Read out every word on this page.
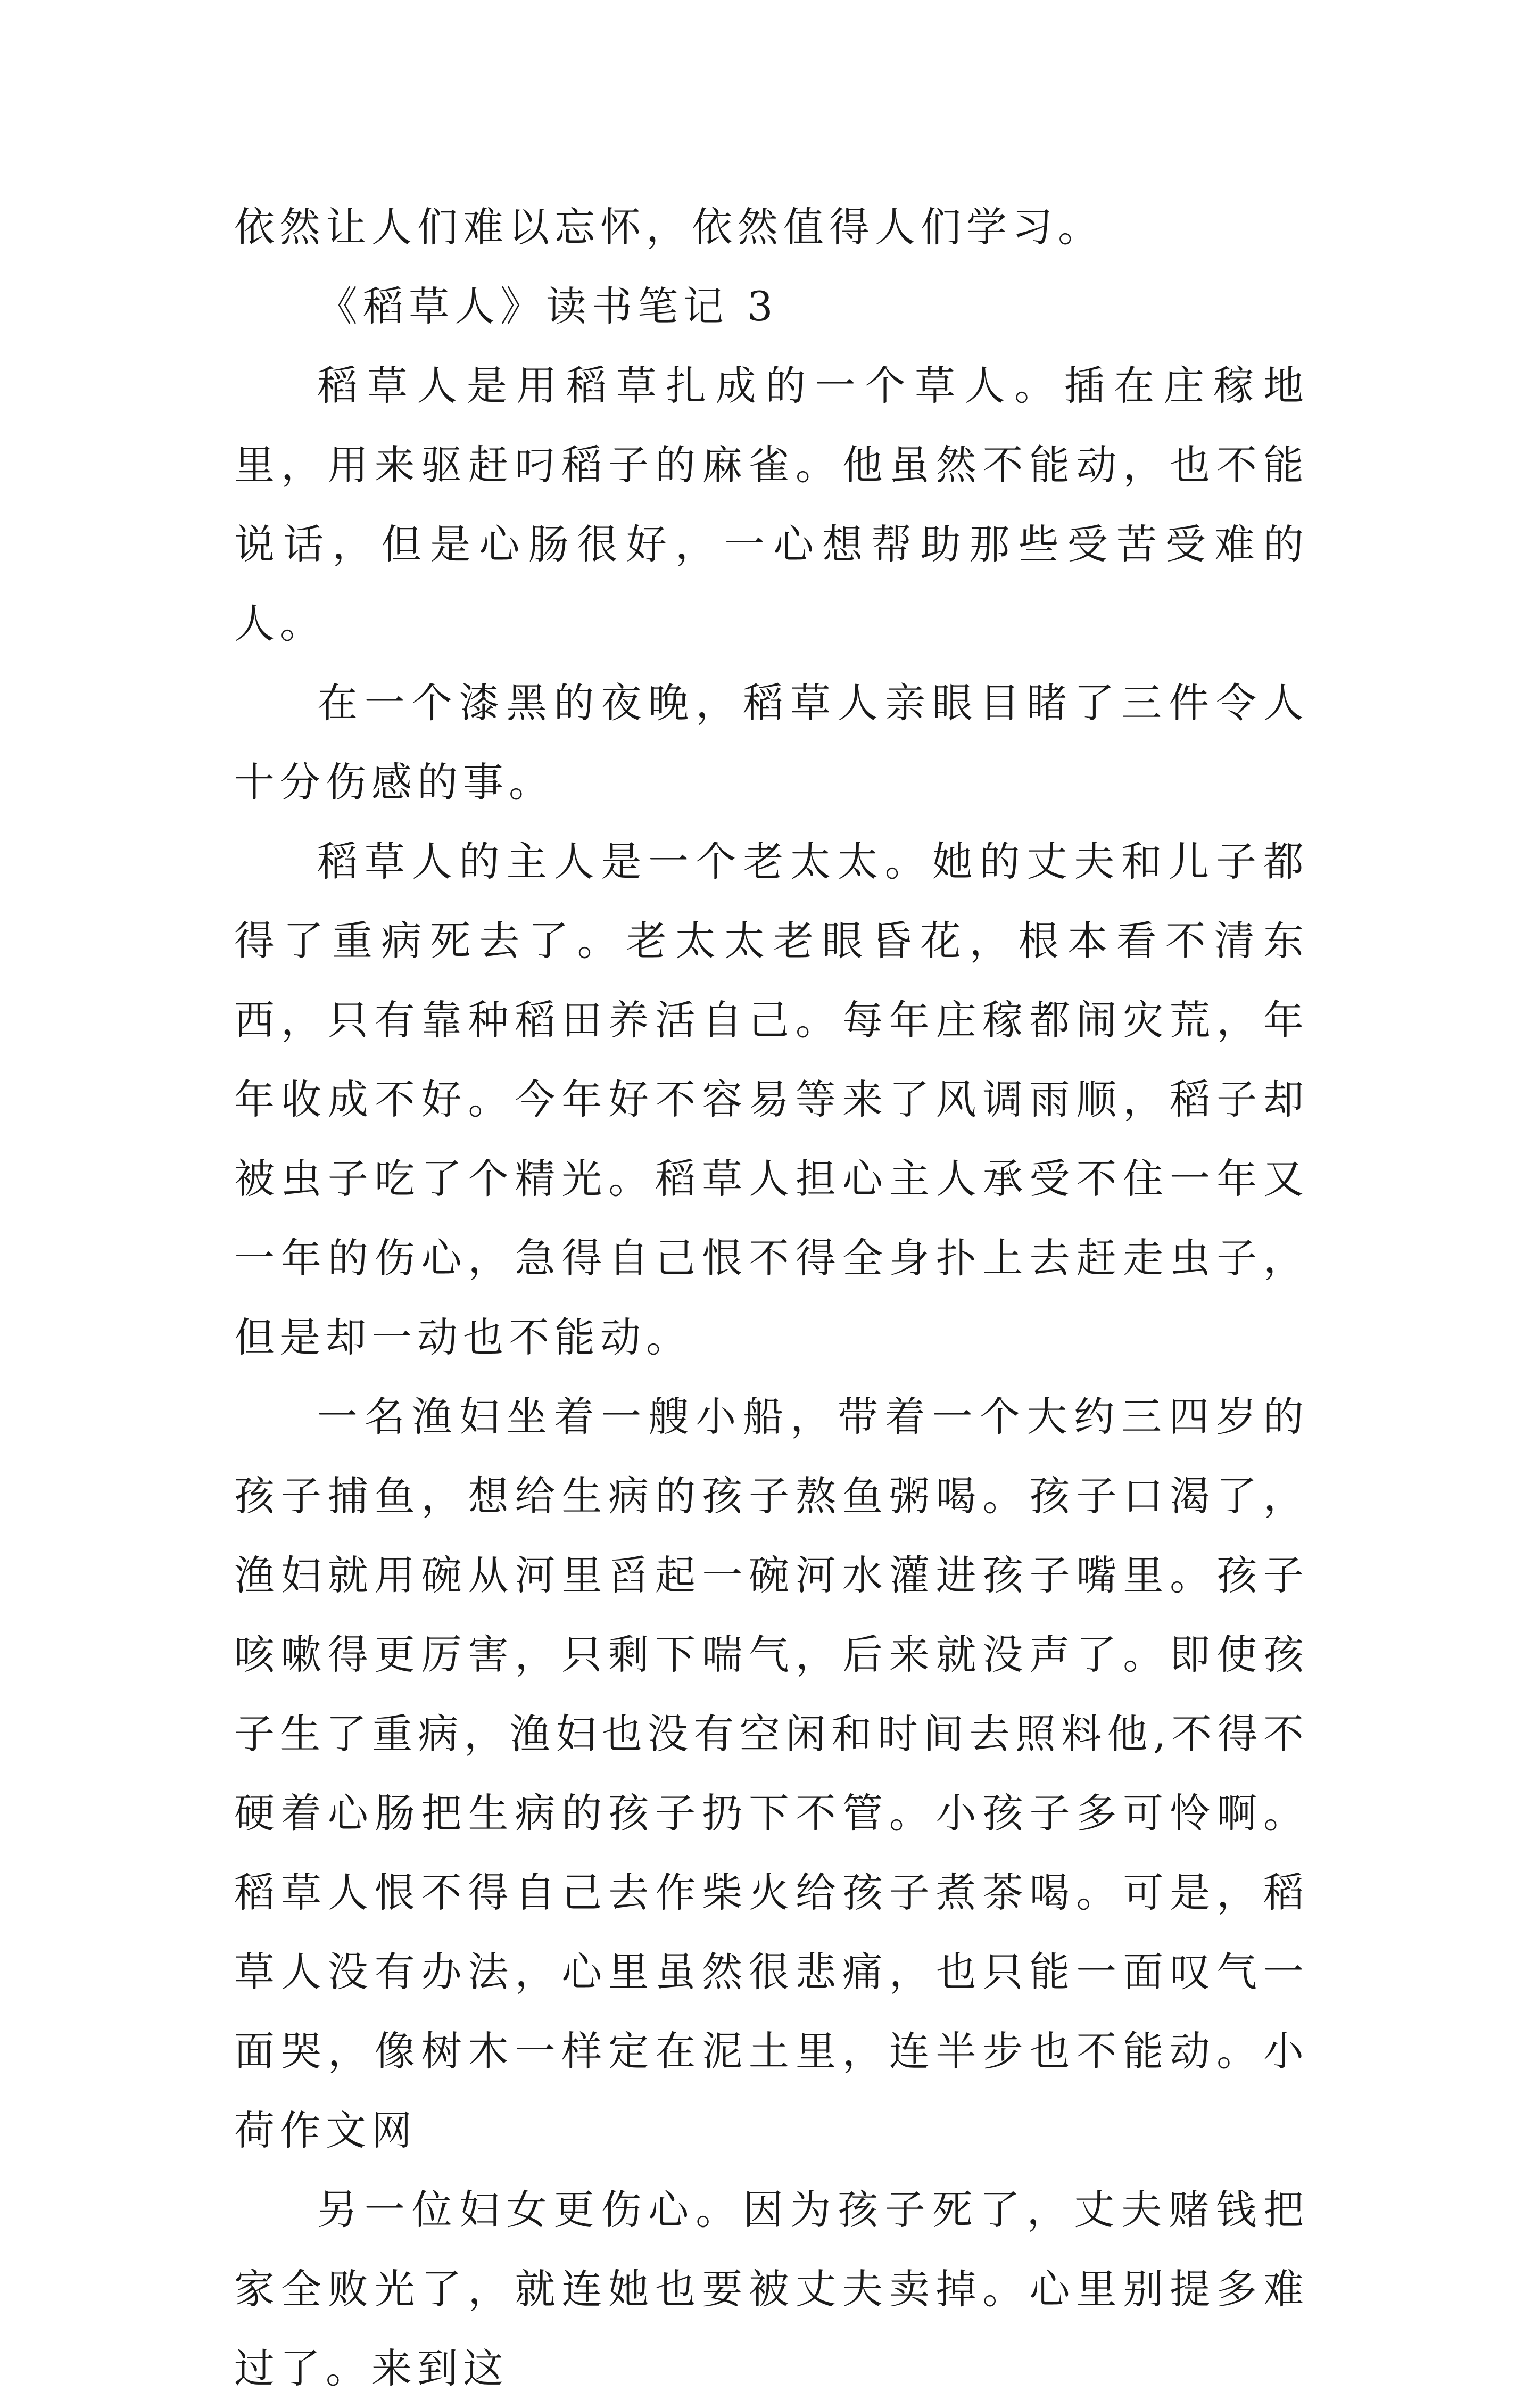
依然让人们难以忘怀，依然值得人们学习。

《稻草人》读书笔记 3

稻草人是用稻草扎成的一个草人。插在庄稼地里，用来驱赶叼稻子的麻雀。他虽然不能动，也不能说话，但是心肠很好，一心想帮助那些受苦受难的人。

在一个漆黑的夜晚，稻草人亲眼目睹了三件令人十分伤感的事。

稻草人的主人是一个老太太。她的丈夫和儿子都得了重病死去了。老太太老眼昏花，根本看不清东西，只有靠种稻田养活自己。每年庄稼都闹灾荒，年年收成不好。今年好不容易等来了风调雨顺，稻子却被虫子吃了个精光。稻草人担心主人承受不住一年又一年的伤心，急得自己恨不得全身扑上去赶走虫子，但是却一动也不能动。

一名渔妇坐着一艘小船，带着一个大约三四岁的孩子捕鱼，想给生病的孩子熬鱼粥喝。孩子口渴了，渔妇就用碗从河里舀起一碗河水灌进孩子嘴里。孩子咳嗽得更厉害，只剩下喘气，后来就没声了。即使孩子生了重病，渔妇也没有空闲和时间去照料他,不得不硬着心肠把生病的孩子扔下不管。小孩子多可怜啊。稻草人恨不得自己去作柴火给孩子煮茶喝。可是，稻草人没有办法，心里虽然很悲痛，也只能一面叹气一面哭，像树木一样定在泥土里，连半步也不能动。小荷作文网

另一位妇女更伤心。因为孩子死了，丈夫赌钱把家全败光了，就连她也要被丈夫卖掉。心里别提多难过了。来到这
